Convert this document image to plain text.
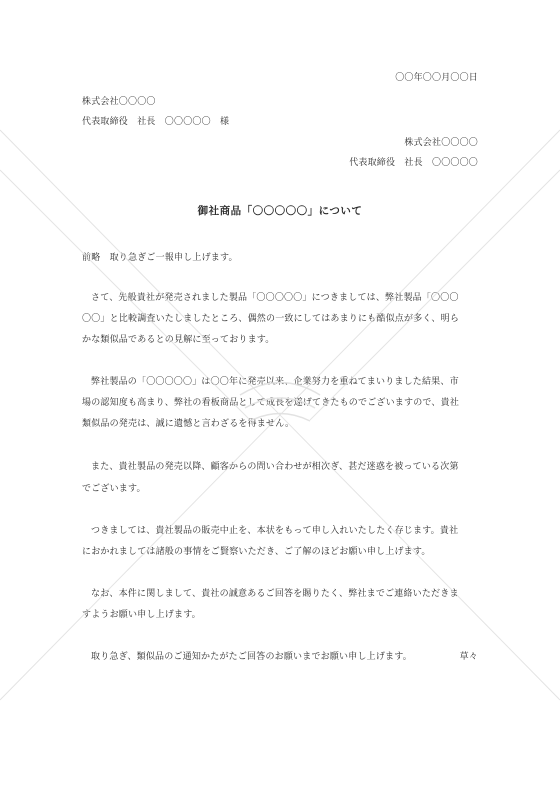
〇〇年〇〇月〇〇日
株式会社〇〇〇〇
代表取締役　社長　〇〇〇〇〇　様
株式会社〇〇〇〇
代表取締役　社長　〇〇〇〇〇
御社商品「〇〇〇〇〇」について
前略　取り急ぎご一報申し上げます。
さて、先般貴社が発売されました製品「〇〇〇〇〇」につきましては、弊社製品「〇〇〇
〇〇」と比較調査いたしましたところ、偶然の一致にしてはあまりにも酷似点が多く、明ら
かな類似品であるとの見解に至っております。
弊社製品の「〇〇〇〇〇」は〇〇年に発売以来、企業努力を重ねてまいりました結果、市
場の認知度も高まり、弊社の看板商品として成長を遂げてきたものでございますので、貴社
類似品の発売は、誠に遺憾と言わざるを得ません。
また、貴社製品の発売以降、顧客からの問い合わせが相次ぎ、甚だ迷惑を被っている次第
でございます。
つきましては、貴社製品の販売中止を、本状をもって申し入れいたしたく存じます。貴社
におかれましては諸般の事情をご賢察いただき、ご了解のほどお願い申し上げます。
なお、本件に関しまして、貴社の誠意あるご回答を賜りたく、弊社までご連絡いただきま
すようお願い申し上げます。
取り急ぎ、類似品のご通知かたがたご回答のお願いまでお願い申し上げます。	草々
